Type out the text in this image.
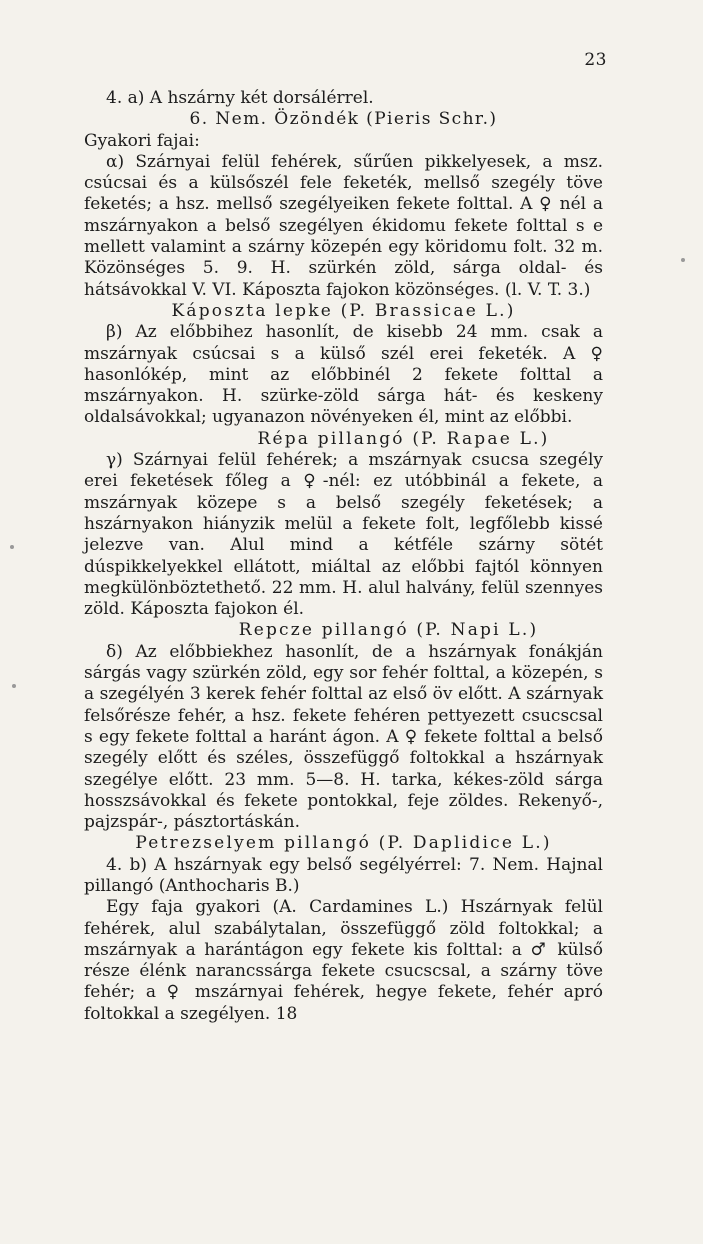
23

4. a) A hszárny két dorsálérrel.

6. Nem. Özöndék (Pieris Schr.)

Gyakori fajai:

α) Szárnyai felül fehérek, sűrűen pikkelyesek, a msz. csúcsai és a külsőszél fele feketék, mellső szegély töve feketés; a hsz. mellső szegélyeiken fekete folttal. A ♀ nél a mszárnyakon a belső szegélyen ékidomu fekete folttal s e mellett valamint a szárny közepén egy köridomu folt. 32 m. Közönséges 5. 9. H. szürkén zöld, sárga oldal- és hátsávokkal V. VI. Káposzta fajokon közönséges. (l. V. T. 3.)

Káposzta lepke (P. Brassicae L.)

β) Az előbbihez hasonlít, de kisebb 24 mm. csak a mszárnyak csúcsai s a külső szél erei feketék. A ♀ hasonlókép, mint az előbbinél 2 fekete folttal a mszárnyakon. H. szürke-zöld sárga hát- és keskeny oldalsávokkal; ugyanazon növényeken él, mint az előbbi.

Répa pillangó (P. Rapae L.)

γ) Szárnyai felül fehérek; a mszárnyak csucsa szegély erei feketések főleg a ♀-nél: ez utóbbinál a fekete, a mszárnyak közepe s a belső szegély feketések; a hszárnyakon hiányzik melül a fekete folt, legfőlebb kissé jelezve van. Alul mind a kétféle szárny sötét dúspikkelyekkel ellátott, miáltal az előbbi fajtól könnyen megkülönböztethető. 22 mm. H. alul halvány, felül szennyes zöld. Káposzta fajokon él.

Repcze pillangó (P. Napi L.)

δ) Az előbbiekhez hasonlít, de a hszárnyak fonákján sárgás vagy szürkén zöld, egy sor fehér folttal, a közepén, s a szegélyén 3 kerek fehér folttal az első öv előtt. A szárnyak felsőrésze fehér, a hsz. fekete fehéren pettyezett csucscsal s egy fekete folttal a haránt ágon. A ♀ fekete folttal a belső szegély előtt és széles, összefüggő foltokkal a hszárnyak szegélye előtt. 23 mm. 5—8. H. tarka, kékes-zöld sárga hosszsávokkal és fekete pontokkal, feje zöldes. Rekenyő-, pajzspár-, pásztortáskán.

Petrezselyem pillangó (P. Daplidice L.)

4. b) A hszárnyak egy belső segélyérrel: 7. Nem. Hajnal pillangó (Anthocharis B.)

Egy faja gyakori (A. Cardamines L.) Hszárnyak felül fehérek, alul szabálytalan, összefüggő zöld foltokkal; a mszárnyak a harántágon egy fekete kis folttal: a ♂ külső része élénk narancssárga fekete csucscsal, a szárny töve fehér; a ♀ mszárnyai fehérek, hegye fekete, fehér apró foltokkal a szegélyen. 18
